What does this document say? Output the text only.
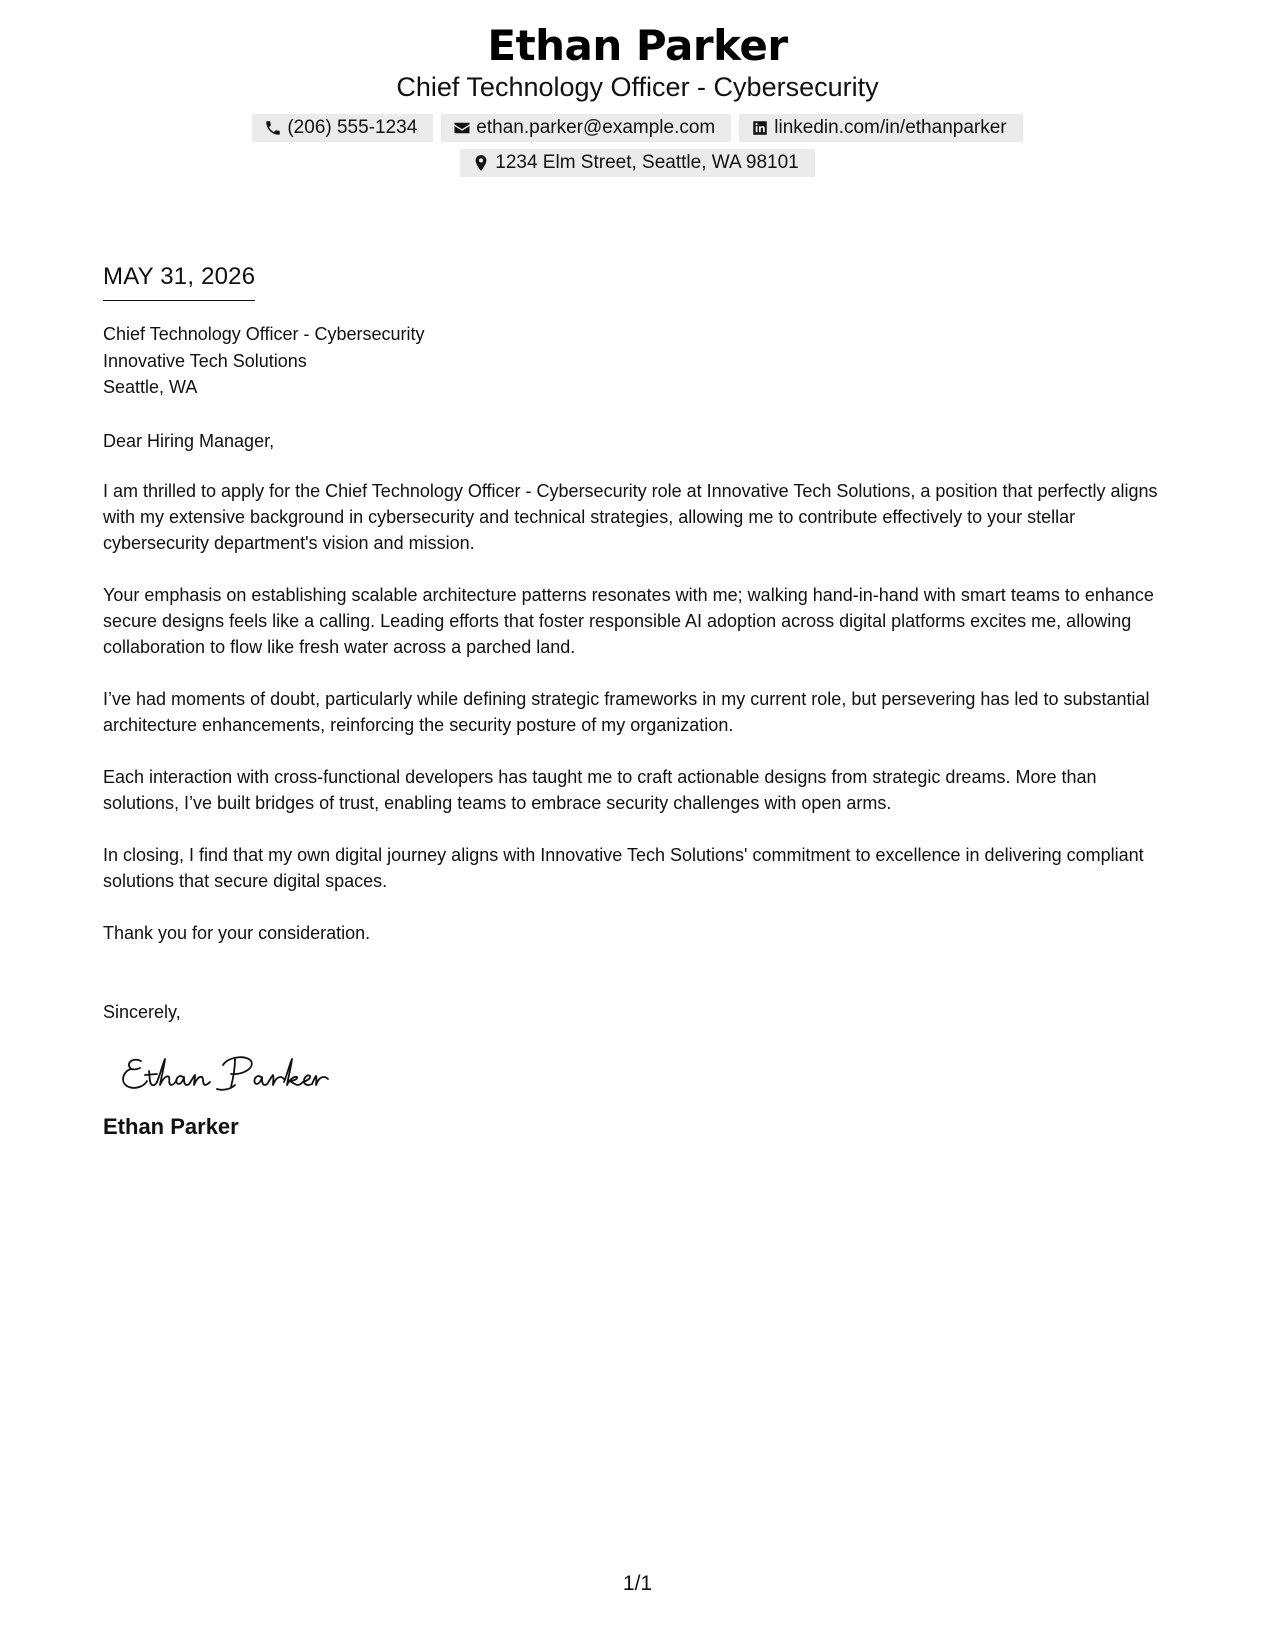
Ethan Parker
Chief Technology Officer - Cybersecurity
(206) 555-1234	ethan.parker@example.com	linkedin.com/in/ethanparker
1234 Elm Street, Seattle, WA 98101
MAY 31, 2026
Chief Technology Officer - Cybersecurity
Innovative Tech Solutions
Seattle, WA
Dear Hiring Manager,

I am thrilled to apply for the Chief Technology Officer - Cybersecurity role at Innovative Tech Solutions, a position that perfectly aligns with my extensive background in cybersecurity and technical strategies, allowing me to contribute effectively to your stellar cybersecurity department's vision and mission.

Your emphasis on establishing scalable architecture patterns resonates with me; walking hand-in-hand with smart teams to enhance secure designs feels like a calling. Leading efforts that foster responsible AI adoption across digital platforms excites me, allowing collaboration to flow like fresh water across a parched land.

I’ve had moments of doubt, particularly while defining strategic frameworks in my current role, but persevering has led to substantial architecture enhancements, reinforcing the security posture of my organization.

Each interaction with cross-functional developers has taught me to craft actionable designs from strategic dreams. More than solutions, I’ve built bridges of trust, enabling teams to embrace security challenges with open arms.

In closing, I find that my own digital journey aligns with Innovative Tech Solutions' commitment to excellence in delivering compliant solutions that secure digital spaces.

Thank you for your consideration.

Sincerely,
Ethan Parker
1/1
